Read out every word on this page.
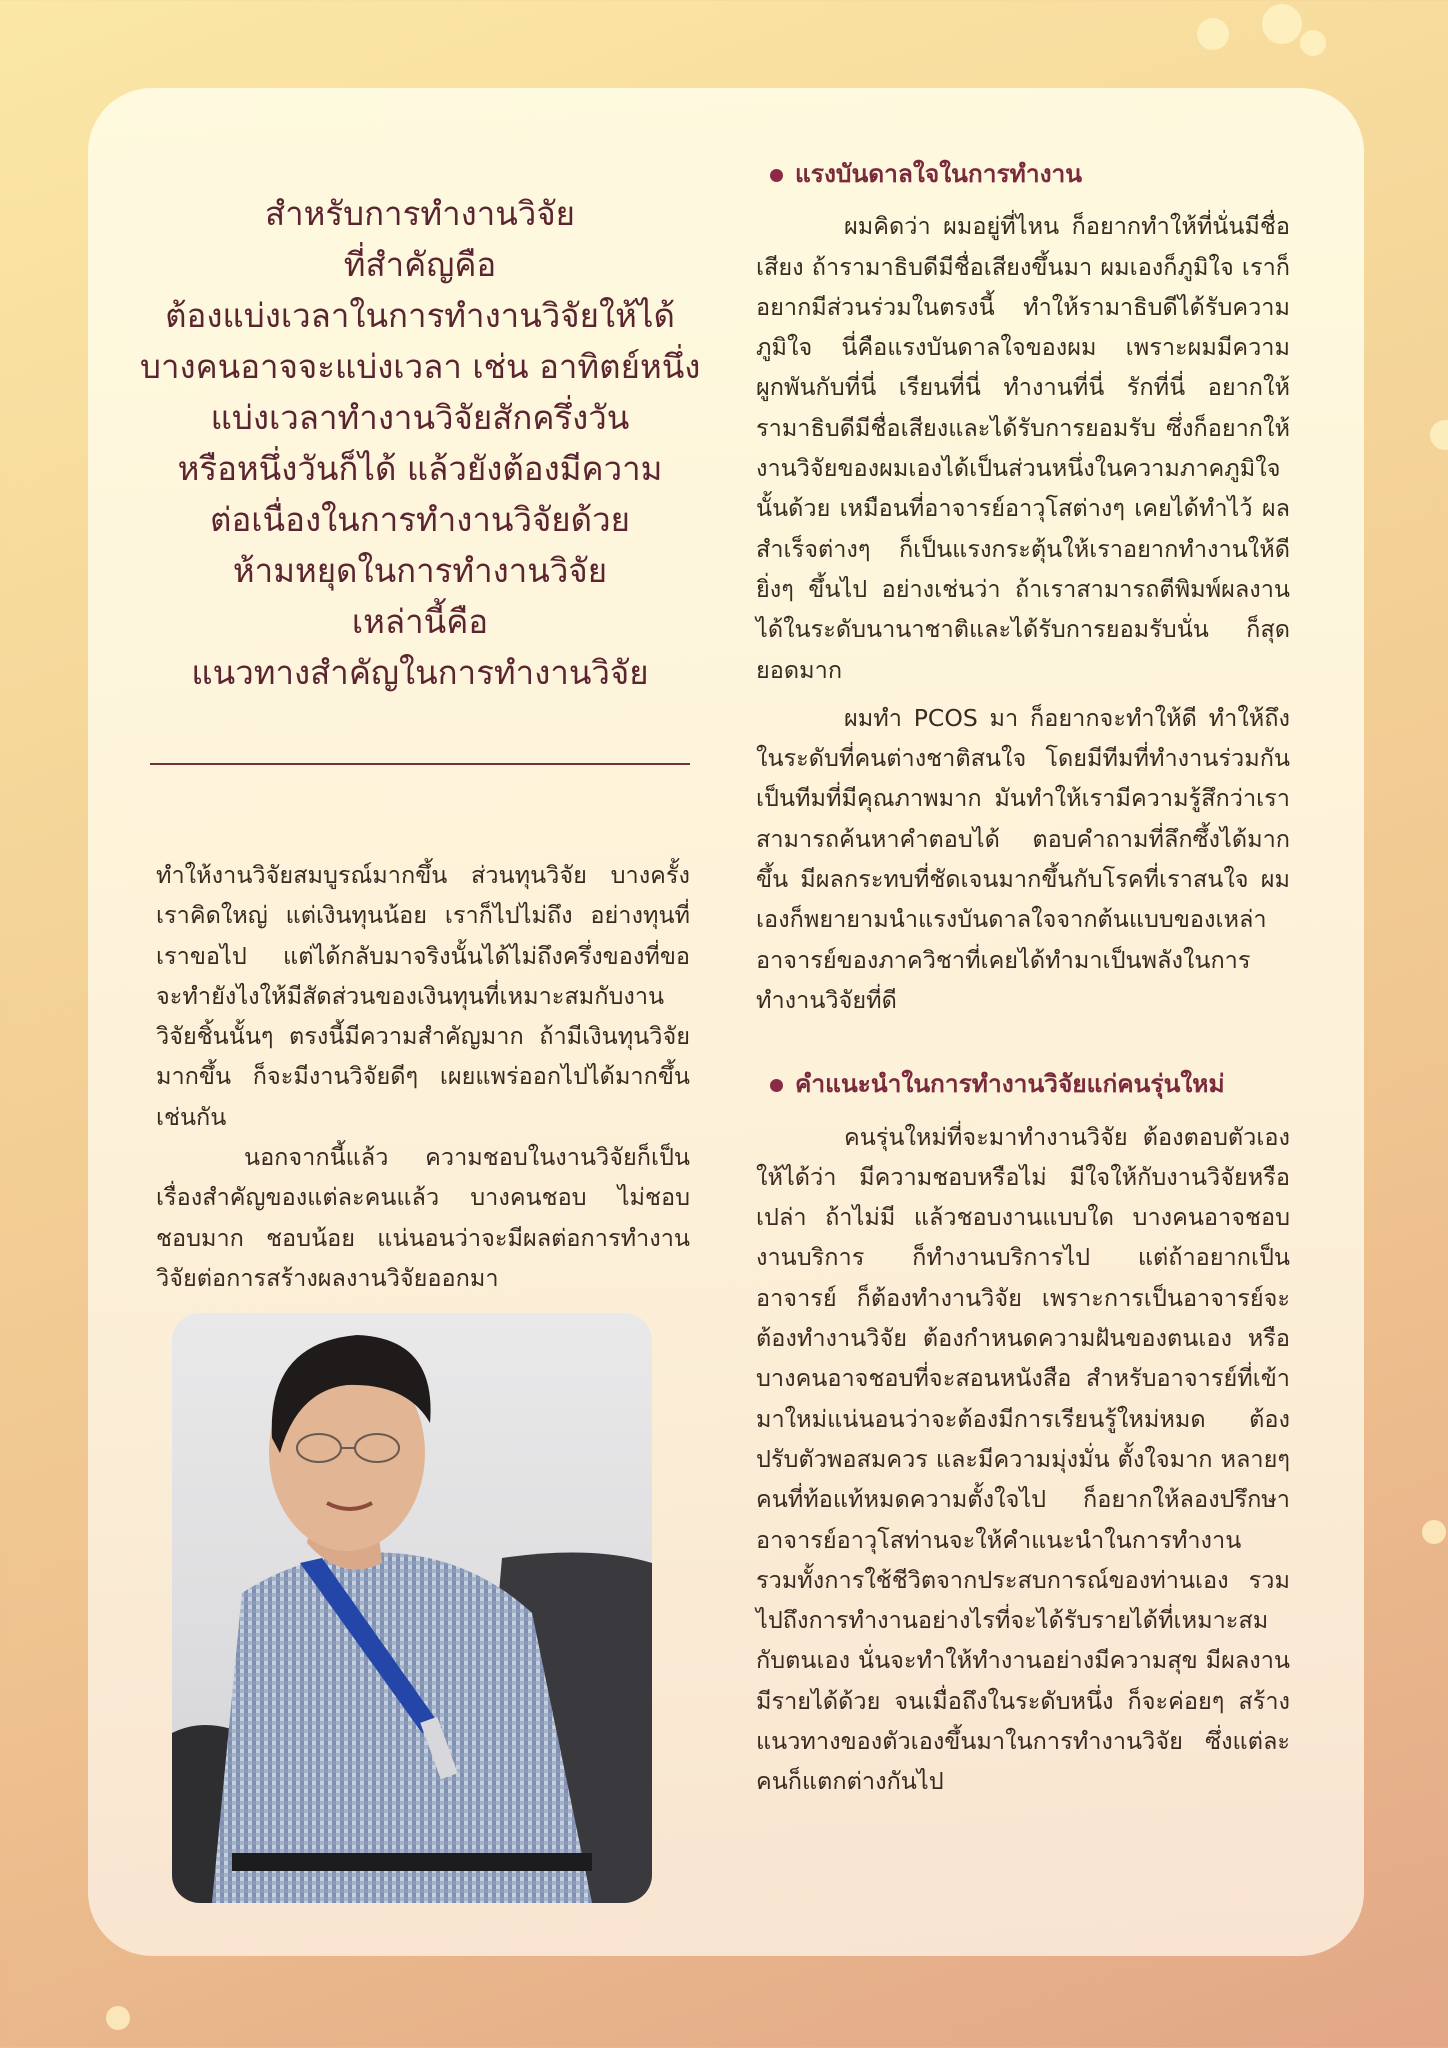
สำหรับการทำงานวิจัย
ที่สำคัญคือ
ต้องแบ่งเวลาในการทำงานวิจัยให้ได้
บางคนอาจจะแบ่งเวลา เช่น อาทิตย์หนึ่ง
แบ่งเวลาทำงานวิจัยสักครึ่งวัน
หรือหนึ่งวันก็ได้ แล้วยังต้องมีความ
ต่อเนื่องในการทำงานวิจัยด้วย
ห้ามหยุดในการทำงานวิจัย
เหล่านี้คือ
แนวทางสำคัญในการทำงานวิจัย

ทำให้งานวิจัยสมบูรณ์มากขึ้น ส่วนทุนวิจัย บางครั้งเราคิดใหญ่ แต่เงินทุนน้อย เราก็ไปไม่ถึง อย่างทุนที่เราขอไป แต่ได้กลับมาจริงนั้นได้ไม่ถึงครึ่งของที่ขอ จะทำยังไงให้มีสัดส่วนของเงินทุนที่เหมาะสมกับงานวิจัยชิ้นนั้นๆ ตรงนี้มีความสำคัญมาก ถ้ามีเงินทุนวิจัยมากขึ้น ก็จะมีงานวิจัยดีๆ เผยแพร่ออกไปได้มากขึ้นเช่นกัน

นอกจากนี้แล้ว ความชอบในงานวิจัยก็เป็นเรื่องสำคัญของแต่ละคนแล้ว บางคนชอบ ไม่ชอบ ชอบมาก ชอบน้อย แน่นอนว่าจะมีผลต่อการทำงานวิจัยต่อการสร้างผลงานวิจัยออกมา

แรงบันดาลใจในการทำงาน

ผมคิดว่า ผมอยู่ที่ไหน ก็อยากทำให้ที่นั่นมีชื่อเสียง ถ้ารามาธิบดีมีชื่อเสียงขึ้นมา ผมเองก็ภูมิใจ เราก็อยากมีส่วนร่วมในตรงนี้ ทำให้รามาธิบดีได้รับความภูมิใจ นี่คือแรงบันดาลใจของผม เพราะผมมีความผูกพันกับที่นี่ เรียนที่นี่ ทำงานที่นี่ รักที่นี่ อยากให้รามาธิบดีมีชื่อเสียงและได้รับการยอมรับ ซึ่งก็อยากให้งานวิจัยของผมเองได้เป็นส่วนหนึ่งในความภาคภูมิใจนั้นด้วย เหมือนที่อาจารย์อาวุโสต่างๆ เคยได้ทำไว้ ผลสำเร็จต่างๆ ก็เป็นแรงกระตุ้นให้เราอยากทำงานให้ดียิ่งๆ ขึ้นไป อย่างเช่นว่า ถ้าเราสามารถตีพิมพ์ผลงานได้ในระดับนานาชาติและได้รับการยอมรับนั่น ก็สุดยอดมาก

ผมทำ PCOS มา ก็อยากจะทำให้ดี ทำให้ถึงในระดับที่คนต่างชาติสนใจ โดยมีทีมที่ทำงานร่วมกันเป็นทีมที่มีคุณภาพมาก มันทำให้เรามีความรู้สึกว่าเราสามารถค้นหาคำตอบได้ ตอบคำถามที่ลึกซึ้งได้มากขึ้น มีผลกระทบที่ชัดเจนมากขึ้นกับโรคที่เราสนใจ ผมเองก็พยายามนำแรงบันดาลใจจากต้นแบบของเหล่าอาจารย์ของภาควิชาที่เคยได้ทำมาเป็นพลังในการทำงานวิจัยที่ดี

คำแนะนำในการทำงานวิจัยแก่คนรุ่นใหม่

คนรุ่นใหม่ที่จะมาทำงานวิจัย ต้องตอบตัวเองให้ได้ว่า มีความชอบหรือไม่ มีใจให้กับงานวิจัยหรือเปล่า ถ้าไม่มี แล้วชอบงานแบบใด บางคนอาจชอบงานบริการ ก็ทำงานบริการไป แต่ถ้าอยากเป็นอาจารย์ ก็ต้องทำงานวิจัย เพราะการเป็นอาจารย์จะต้องทำงานวิจัย ต้องกำหนดความฝันของตนเอง หรือบางคนอาจชอบที่จะสอนหนังสือ สำหรับอาจารย์ที่เข้ามาใหม่แน่นอนว่าจะต้องมีการเรียนรู้ใหม่หมด ต้องปรับตัวพอสมควร และมีความมุ่งมั่น ตั้งใจมาก หลายๆ คนที่ท้อแท้หมดความตั้งใจไป ก็อยากให้ลองปรึกษาอาจารย์อาวุโสท่านจะให้คำแนะนำในการทำงาน รวมทั้งการใช้ชีวิตจากประสบการณ์ของท่านเอง รวมไปถึงการทำงานอย่างไรที่จะได้รับรายได้ที่เหมาะสมกับตนเอง นั่นจะทำให้ทำงานอย่างมีความสุข มีผลงาน มีรายได้ด้วย จนเมื่อถึงในระดับหนึ่ง ก็จะค่อยๆ สร้างแนวทางของตัวเองขึ้นมาในการทำงานวิจัย ซึ่งแต่ละคนก็แตกต่างกันไป
